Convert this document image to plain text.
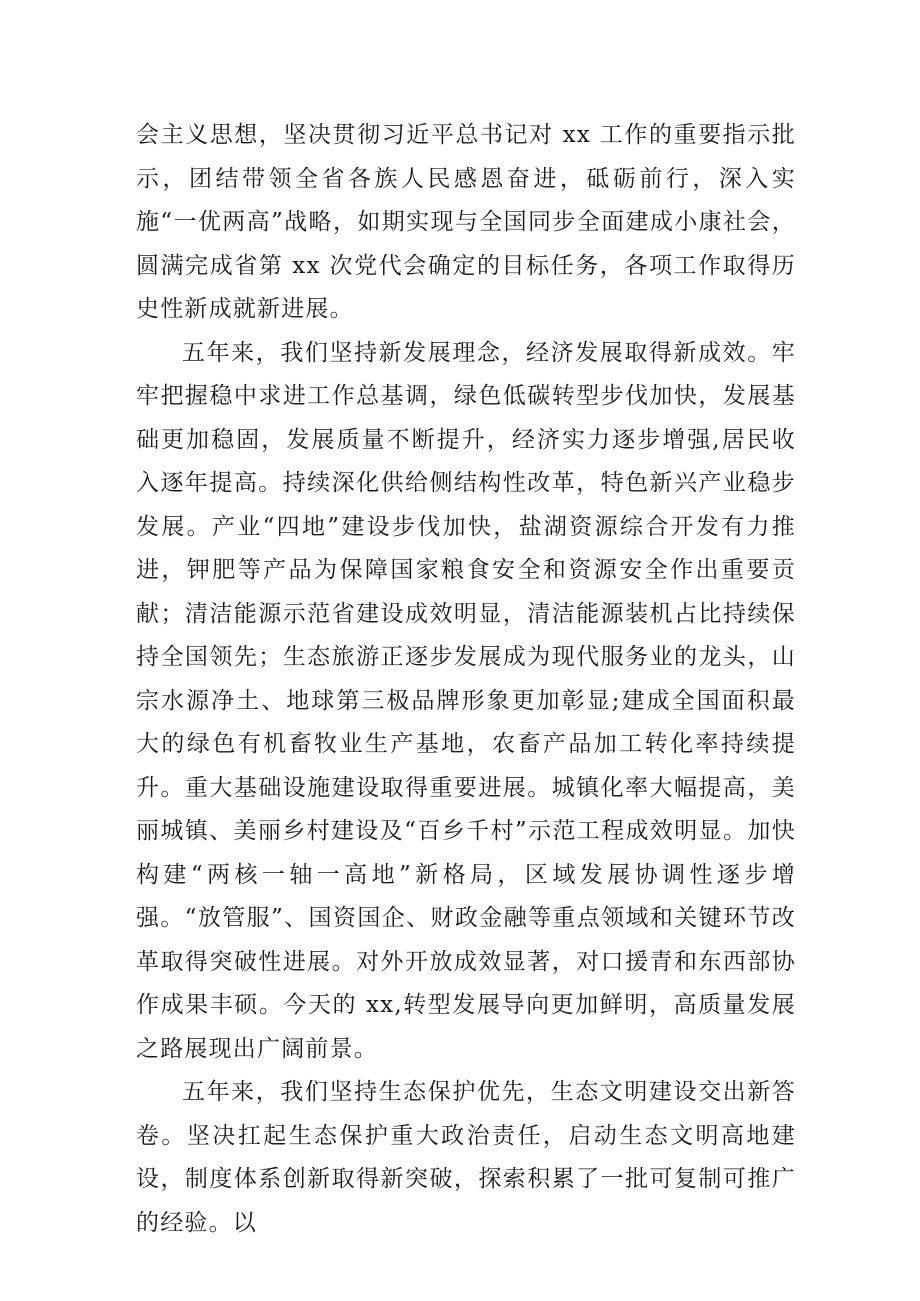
会主义思想，坚决贯彻习近平总书记对 xx 工作的重要指示批示，团结带领全省各族人民感恩奋进，砥砺前行，深入实施“一优两高”战略，如期实现与全国同步全面建成小康社会，圆满完成省第 xx 次党代会确定的目标任务，各项工作取得历史性新成就新进展。

五年来，我们坚持新发展理念，经济发展取得新成效。牢牢把握稳中求进工作总基调，绿色低碳转型步伐加快，发展基础更加稳固，发展质量不断提升，经济实力逐步增强,居民收入逐年提高。持续深化供给侧结构性改革，特色新兴产业稳步发展。产业“四地”建设步伐加快，盐湖资源综合开发有力推进，钾肥等产品为保障国家粮食安全和资源安全作出重要贡献；清洁能源示范省建设成效明显，清洁能源装机占比持续保持全国领先；生态旅游正逐步发展成为现代服务业的龙头，山宗水源净土、地球第三极品牌形象更加彰显;建成全国面积最大的绿色有机畜牧业生产基地，农畜产品加工转化率持续提升。重大基础设施建设取得重要进展。城镇化率大幅提高，美丽城镇、美丽乡村建设及“百乡千村”示范工程成效明显。加快构建“两核一轴一高地”新格局，区域发展协调性逐步增强。“放管服”、国资国企、财政金融等重点领域和关键环节改革取得突破性进展。对外开放成效显著，对口援青和东西部协作成果丰硕。今天的 xx,转型发展导向更加鲜明，高质量发展之路展现出广阔前景。

五年来，我们坚持生态保护优先，生态文明建设交出新答卷。坚决扛起生态保护重大政治责任，启动生态文明高地建设，制度体系创新取得新突破，探索积累了一批可复制可推广的经验。以
